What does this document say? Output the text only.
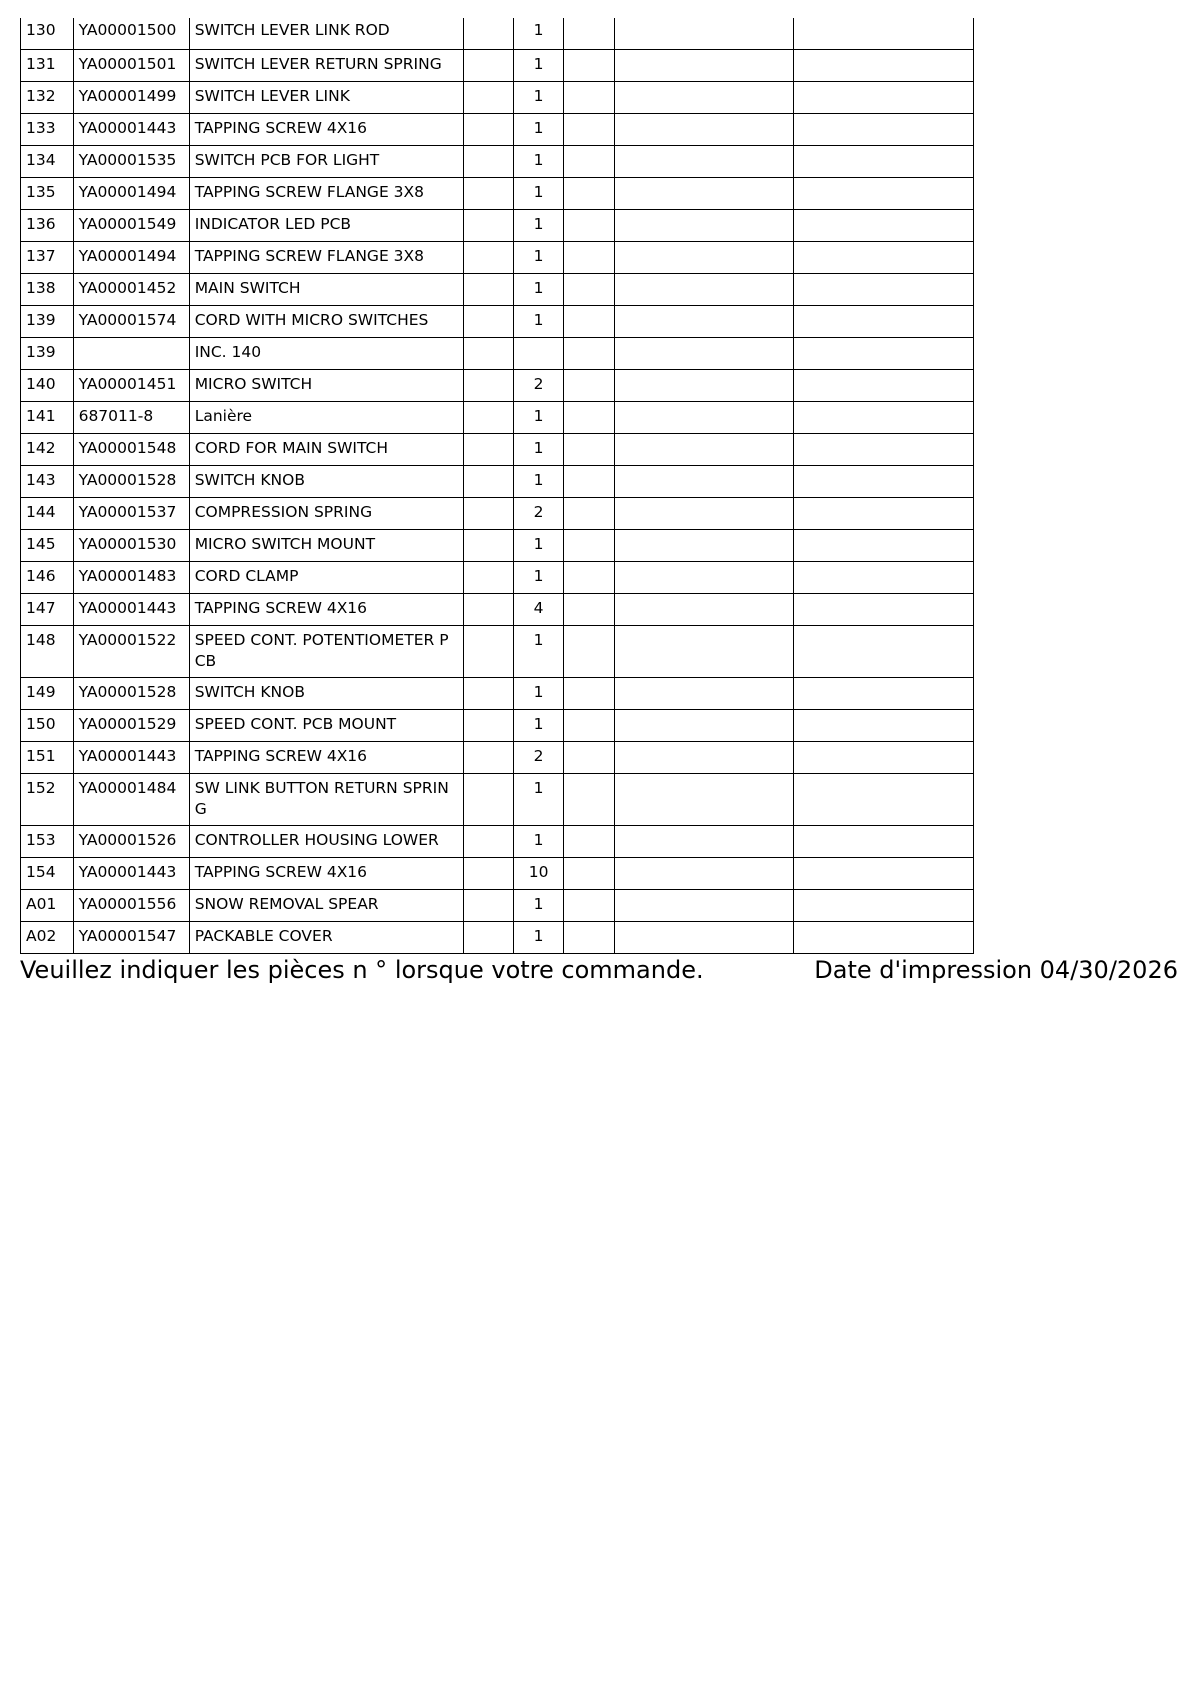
130	YA00001500	SWITCH LEVER LINK ROD		1			
131	YA00001501	SWITCH LEVER RETURN SPRING		1			
132	YA00001499	SWITCH LEVER LINK		1			
133	YA00001443	TAPPING SCREW 4X16		1			
134	YA00001535	SWITCH PCB FOR LIGHT		1			
135	YA00001494	TAPPING SCREW FLANGE 3X8		1			
136	YA00001549	INDICATOR LED PCB		1			
137	YA00001494	TAPPING SCREW FLANGE 3X8		1			
138	YA00001452	MAIN SWITCH		1			
139	YA00001574	CORD WITH MICRO SWITCHES		1			
139		INC. 140					
140	YA00001451	MICRO SWITCH		2			
141	687011-8	Lanière		1			
142	YA00001548	CORD FOR MAIN SWITCH		1			
143	YA00001528	SWITCH KNOB		1			
144	YA00001537	COMPRESSION SPRING		2			
145	YA00001530	MICRO SWITCH MOUNT		1			
146	YA00001483	CORD CLAMP		1			
147	YA00001443	TAPPING SCREW 4X16		4			
148	YA00001522	SPEED CONT. POTENTIOMETER PCB		1			
149	YA00001528	SWITCH KNOB		1			
150	YA00001529	SPEED CONT. PCB MOUNT		1			
151	YA00001443	TAPPING SCREW 4X16		2			
152	YA00001484	SW LINK BUTTON RETURN SPRING		1			
153	YA00001526	CONTROLLER HOUSING LOWER		1			
154	YA00001443	TAPPING SCREW 4X16		10			
A01	YA00001556	SNOW REMOVAL SPEAR		1			
A02	YA00001547	PACKABLE COVER		1			
Veuillez indiquer les pièces n ° lorsque votre commande.	Date d'impression 04/30/2026
